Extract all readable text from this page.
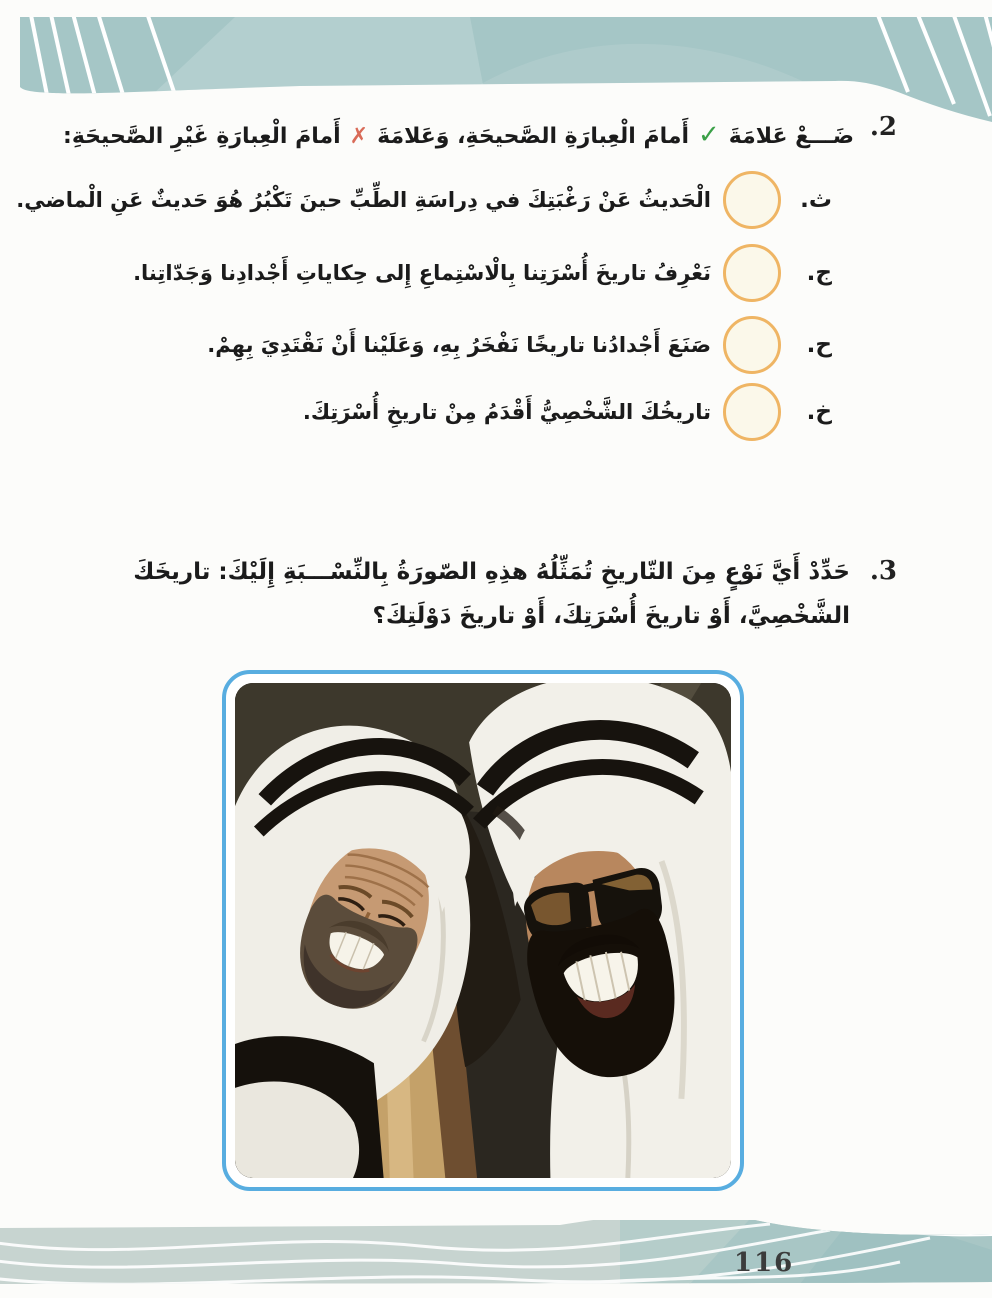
2.
ضَـــعْ عَلامَةَ✓أَمامَ الْعِبارَةِ الصَّحيحَةِ، وَعَلامَةَ✗أَمامَ الْعِبارَةِ غَيْرِ الصَّحيحَةِ:
ث.
الْحَديثُ عَنْ رَغْبَتِكَ في دِراسَةِ الطِّبِّ حينَ تَكْبُرُ هُوَ حَديثٌ عَنِ الْماضي.
ج.
نَعْرِفُ تاريخَ أُسْرَتِنا بِالْاسْتِماعِ إِلى حِكاياتِ أَجْدادِنا وَجَدّاتِنا.
ح.
صَنَعَ أَجْدادُنا تاريخًا نَفْخَرُ بِهِ، وَعَلَيْنا أَنْ نَقْتَدِيَ بِهِمْ.
خ.
تاريخُكَ الشَّخْصِيُّ أَقْدَمُ مِنْ تاريخِ أُسْرَتِكَ.
3.
حَدِّدْ أَيَّ نَوْعٍ مِنَ التّاريخِ تُمَثِّلُهُ هذِهِ الصّورَةُ بِالنِّسْـــبَةِ إِلَيْكَ: تاريخَكَ الشَّخْصِيَّ، أَوْ تاريخَ أُسْرَتِكَ، أَوْ تاريخَ دَوْلَتِكَ؟
116
